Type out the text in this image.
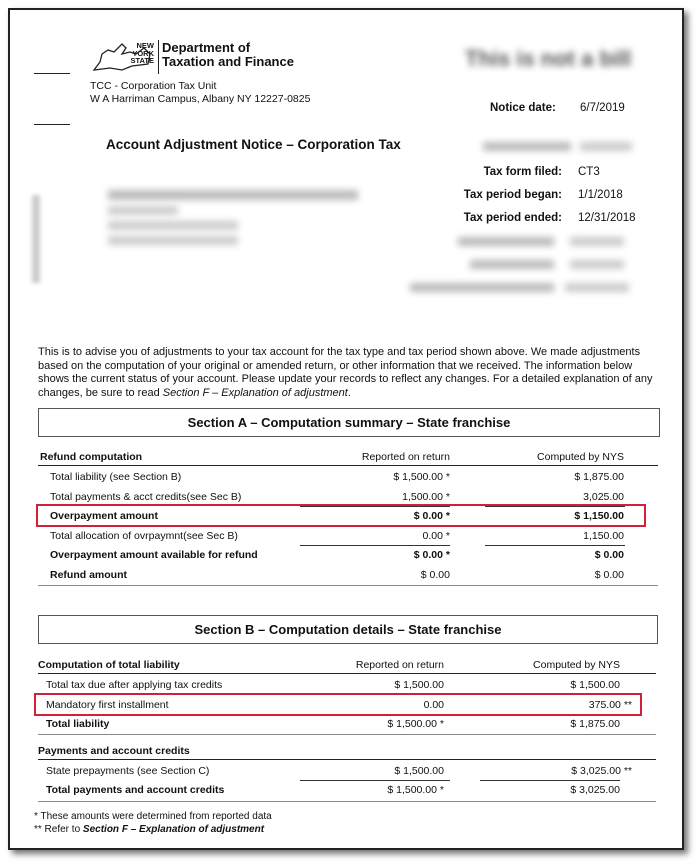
NEW YORK STATE
Department of
Taxation and Finance
TCC - Corporation Tax Unit
W A Harriman Campus, Albany NY 12227-0825
This is not a bill
Notice date: 6/7/2019
Account Adjustment Notice – Corporation Tax
Tax form filed: CT3
Tax period began: 1/1/2018
Tax period ended: 12/31/2018
This is to advise you of adjustments to your tax account for the tax type and tax period shown above. We made adjustments based on the computation of your original or amended return, or other information that we received. The information below shows the current status of your account. Please update your records to reflect any changes. For a detailed explanation of any changes, be sure to read Section F – Explanation of adjustment.
Section A – Computation summary – State franchise
Refund computation	Reported on return	Computed by NYS
Total liability (see Section B)	$ 1,500.00 *	$ 1,875.00
Total payments & acct credits(see Sec B)	1,500.00 *	3,025.00
Overpayment amount	$ 0.00 *	$ 1,150.00
Total allocation of ovrpaymnt(see Sec B)	0.00 *	1,150.00
Overpayment amount available for refund	$ 0.00 *	$ 0.00
Refund amount	$ 0.00	$ 0.00
Section B – Computation details – State franchise
Computation of total liability	Reported on return	Computed by NYS
Total tax due after applying tax credits	$ 1,500.00	$ 1,500.00
Mandatory first installment	0.00	375.00 **
Total liability	$ 1,500.00 *	$ 1,875.00
Payments and account credits
State prepayments (see Section C)	$ 1,500.00	$ 3,025.00 **
Total payments and account credits	$ 1,500.00 *	$ 3,025.00
* These amounts were determined from reported data
** Refer to Section F – Explanation of adjustment
